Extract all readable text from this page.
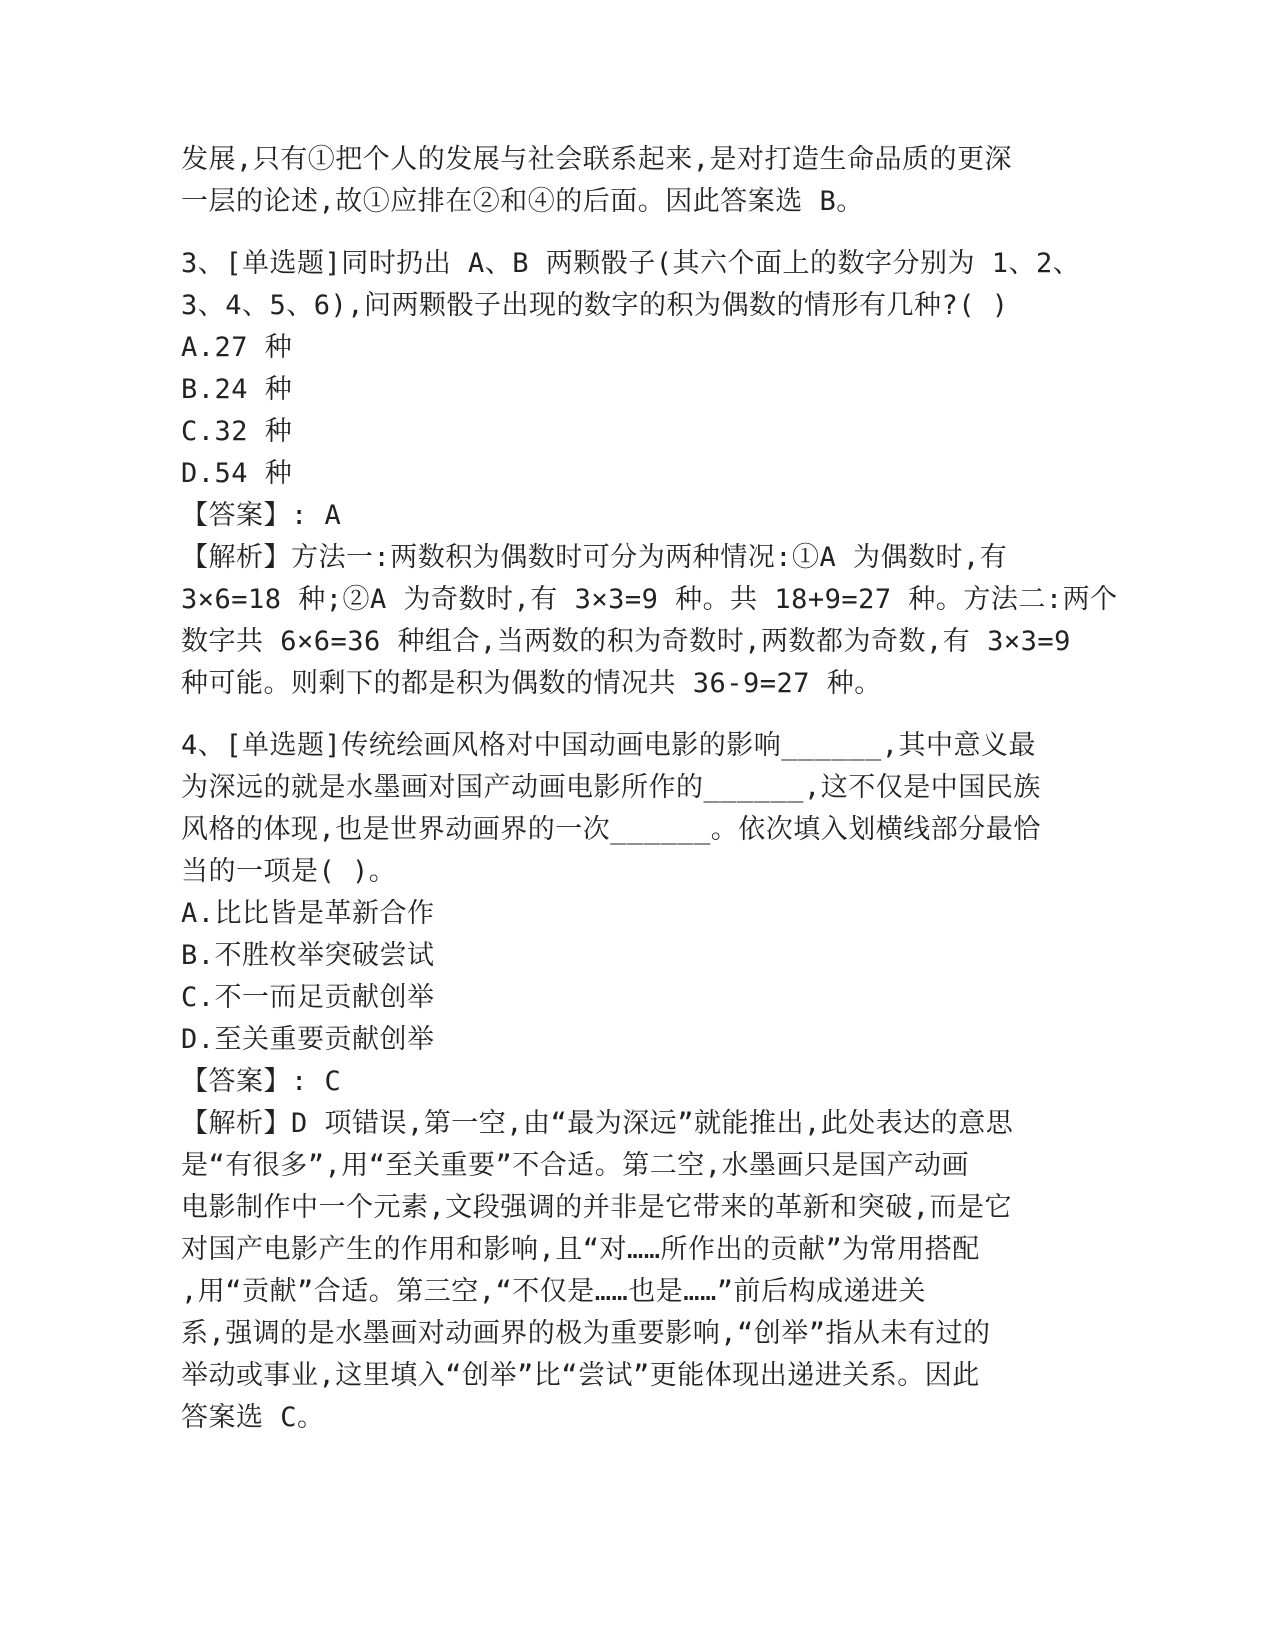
发展,只有①把个人的发展与社会联系起来,是对打造生命品质的更深
一层的论述,故①应排在②和④的后面。因此答案选 B。
3、[单选题]同时扔出 A、B 两颗骰子(其六个面上的数字分别为 1、2、
3、4、5、6),问两颗骰子出现的数字的积为偶数的情形有几种?( )
A.27 种
B.24 种
C.32 种
D.54 种
【答案】: A
【解析】方法一:两数积为偶数时可分为两种情况:①A 为偶数时,有
3×6=18 种;②A 为奇数时,有 3×3=9 种。共 18+9=27 种。方法二:两个
数字共 6×6=36 种组合,当两数的积为奇数时,两数都为奇数,有 3×3=9
种可能。则剩下的都是积为偶数的情况共 36-9=27 种。
4、[单选题]传统绘画风格对中国动画电影的影响______,其中意义最
为深远的就是水墨画对国产动画电影所作的______,这不仅是中国民族
风格的体现,也是世界动画界的一次______。依次填入划横线部分最恰
当的一项是( )。
A.比比皆是革新合作
B.不胜枚举突破尝试
C.不一而足贡献创举
D.至关重要贡献创举
【答案】: C
【解析】D 项错误,第一空,由“最为深远”就能推出,此处表达的意思
是“有很多”,用“至关重要”不合适。第二空,水墨画只是国产动画
电影制作中一个元素,文段强调的并非是它带来的革新和突破,而是它
对国产电影产生的作用和影响,且“对……所作出的贡献”为常用搭配
,用“贡献”合适。第三空,“不仅是……也是……”前后构成递进关
系,强调的是水墨画对动画界的极为重要影响,“创举”指从未有过的
举动或事业,这里填入“创举”比“尝试”更能体现出递进关系。因此
答案选 C。
